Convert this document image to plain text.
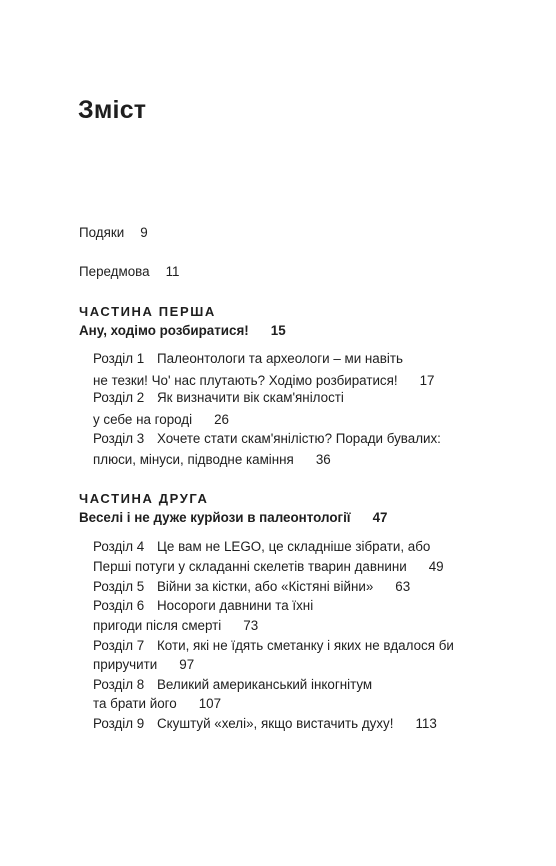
Зміст
Подяки 9
Передмова 11
ЧАСТИНА ПЕРША
Ану, ходімо розбиратися! 15
Розділ 1 Палеонтологи та археологи – ми навіть
не тезки! Чо' нас плутають? Ходімо розбиратися! 17
Розділ 2 Як визначити вік скам'янілості
у себе на городі 26
Розділ 3 Хочете стати скам'янілістю? Поради бувалих:
плюси, мінуси, підводне каміння 36
ЧАСТИНА ДРУГА
Веселі і не дуже курйози в палеонтології 47
Розділ 4 Це вам не LEGO, це складніше зібрати, або
Перші потуги у складанні скелетів тварин давнини 49
Розділ 5 Війни за кістки, або «Кістяні війни» 63
Розділ 6 Носороги давнини та їхні
пригоди після смерті 73
Розділ 7 Коти, які не їдять сметанку і яких не вдалося би
приручити 97
Розділ 8 Великий американський інкогнітум
та брати його 107
Розділ 9 Скуштуй «хелі», якщо вистачить духу! 113
